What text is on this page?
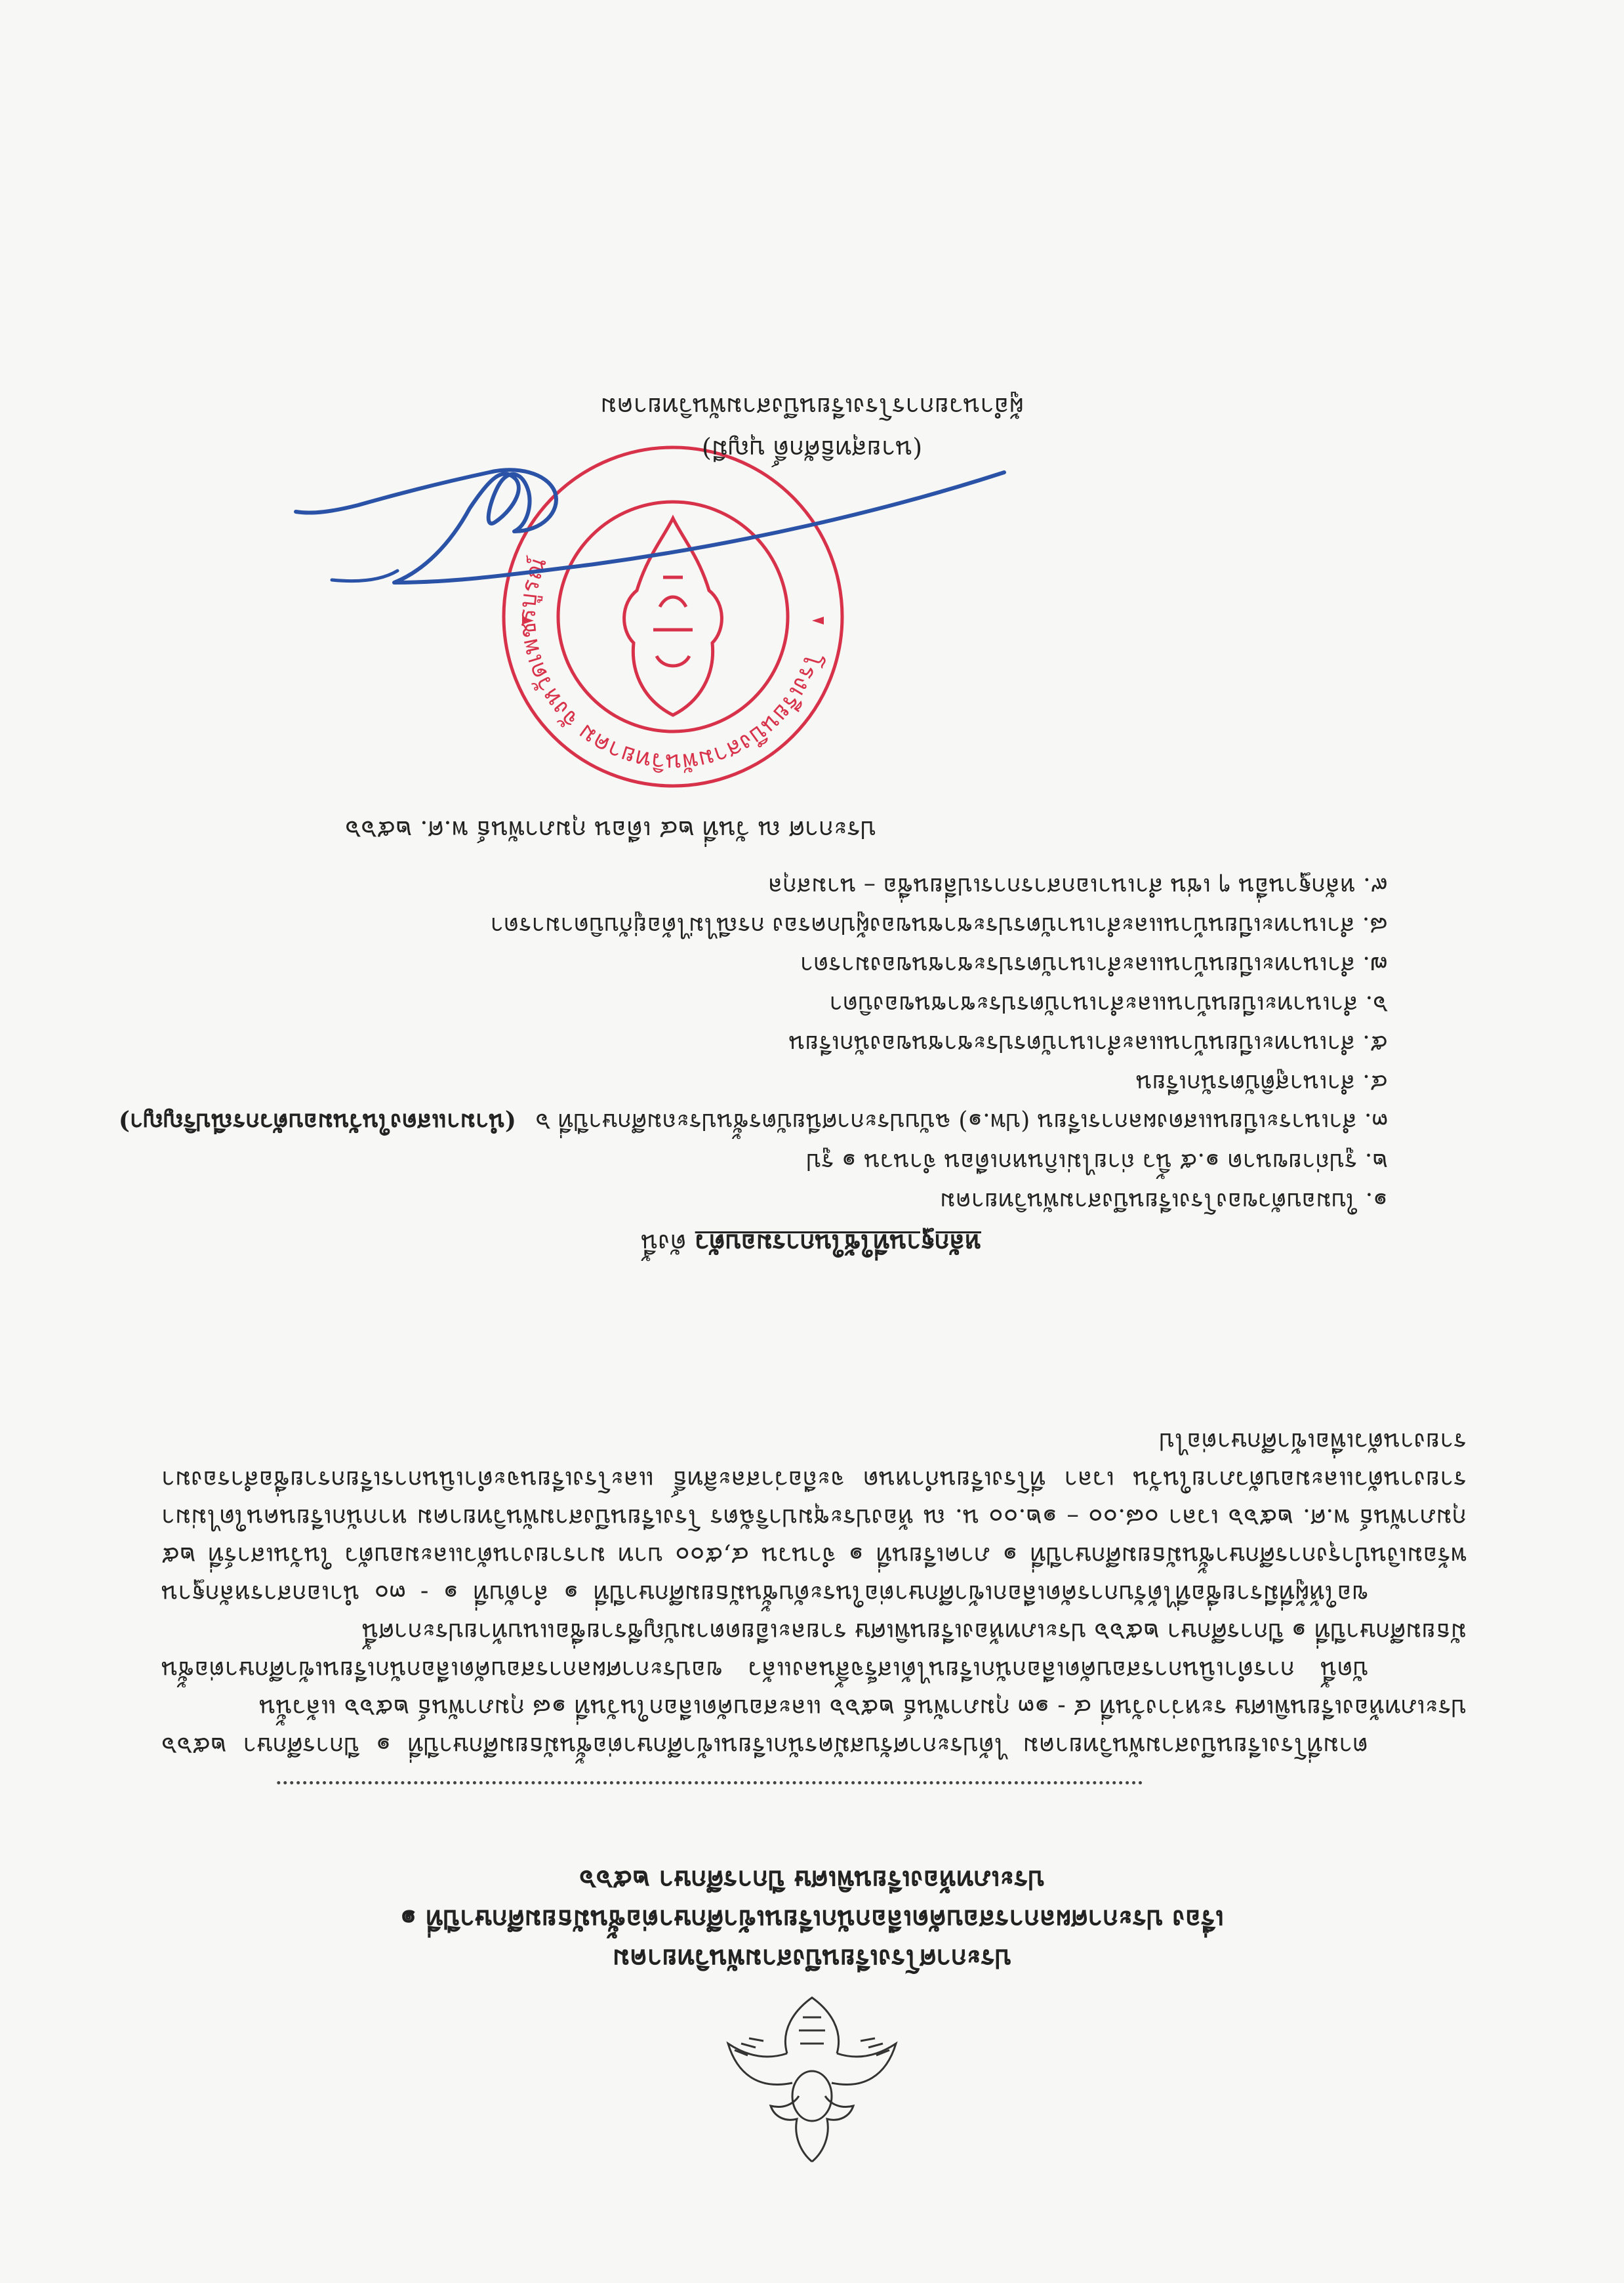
ประกาศโรงเรียนบึงสามพันวิทยาคม
เรื่อง ประกาศผลการสอบคัดเลือกนักเรียนเข้าศึกษาต่อชั้นมัธยมศึกษาปีที่ ๑
ประเภทห้องเรียนพิเศษ ปีการศึกษา ๒๕๖๖

ตามที่โรงเรียนบึงสามพันวิทยาคม ได้ประกาศรับสมัครนักเรียนเข้าศึกษาต่อชั้นมัธยมศึกษาปีที่ ๑ ปีการศึกษา ๒๕๖๖ ประเภทห้องเรียนพิเศษ ระหว่างวันที่ ๔ - ๑๓ กุมภาพันธ์ ๒๕๖๖ และสอบคัดเลือกในวันที่ ๑๘ กุมภาพันธ์ ๒๕๖๖ แล้วนั้น

บัดนี้ การดำเนินการสอบคัดเลือกนักเรียนได้เสร็จสิ้นลงแล้ว ขอประกาศผลการสอบคัดเลือกนักเรียนเข้าศึกษาต่อชั้นมัธยมศึกษาปีที่ ๑ ปีการศึกษา ๒๕๖๖ ประเภทห้องเรียนพิเศษ รายละเอียดตามบัญชีรายชื่อแนบท้ายประกาศนี้

ขอให้ผู้ที่มีรายชื่อที่ได้รับการคัดเลือกเข้าศึกษาต่อในระดับชั้นมัธยมศึกษาปีที่ ๑ ลำดับที่ ๑ - ๓๐ นำเอกสารหลักฐานพร้อมเงินบำรุงการศึกษาชั้นมัธยมศึกษาปีที่ ๑ ภาคเรียนที่ ๑ จำนวน ๔,๕๐๐ บาท มารายงานตัวและมอบตัว ในวันเสาร์ที่ ๒๕ กุมภาพันธ์ พ.ศ. ๒๕๖๖ เวลา ๐๘.๐๐ – ๑๒.๐๐ น. ณ ห้องประชุมปาริฉัตร โรงเรียนบึงสามพันวิทยาคม หากนักเรียนคนใดไม่มารายงานตัวและมอบตัวภายในวัน เวลา ที่โรงเรียนกำหนด จะถือว่าสละสิทธิ์ และโรงเรียนจะดำเนินการเรียกรายชื่อสำรองมารายงานตัวเพื่อเข้าศึกษาต่อไป

หลักฐานที่ใช้ในการมอบตัว ดังนี้
๑. ใบมอบตัวของโรงเรียนบึงสามพันวิทยาคม
๒. รูปถ่ายขนาด ๑.๕ นิ้ว ถ่ายไม่เกินหกเดือน จำนวน ๑ รูป
๓. สำเนาระเบียนแสดงผลการเรียน (ปพ.๑) ฉบับประกาศนียบัตรชั้นประถมศึกษาปีที่ ๖ (นำมาแสดงในวันมอบตัวกรณีปริญญา)
๔. สำเนาสูติบัตรนักเรียน
๕. สำเนาทะเบียนบ้านและสำเนาบัตรประชาชนของนักเรียน
๖. สำเนาทะเบียนบ้านและสำเนาบัตรประชาชนของบิดา
๗. สำเนาทะเบียนบ้านและสำเนาบัตรประชาชนของมารดา
๘. สำเนาทะเบียนบ้านและสำเนาบัตรประชาชนของผู้ปกครอง กรณีไม่ได้อยู่กับบิดามารดา
๙. หลักฐานอื่น ๆ เช่น สำเนาเอกสารการเปลี่ยนชื่อ – นามสกุล
ประกาศ ณ วันที่ ๒๔ เดือน กุมภาพันธ์ พ.ศ. ๒๕๖๖
โรงเรียนบึงสามพันวิทยาคม จังหวัดเพชรบูรณ์
(นายสุทธิศักดิ์ บุญมี)
ผู้อำนวยการโรงเรียนบึงสามพันวิทยาคม
